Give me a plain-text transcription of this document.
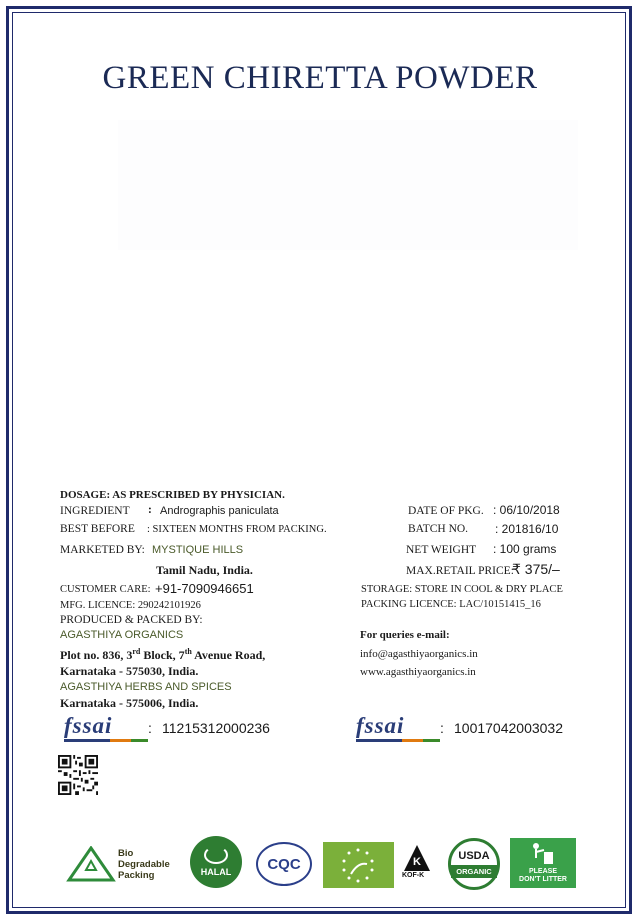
GREEN CHIRETTA POWDER
DOSAGE: AS PRESCRIBED BY PHYSICIAN.
INGREDIENT : Andrographis paniculata
BEST BEFORE : SIXTEEN MONTHS FROM PACKING.
MARKETED BY: MYSTIQUE HILLS
Tamil Nadu, India.
CUSTOMER CARE: +91-7090946651
MFG. LICENCE: 290242101926
PRODUCED & PACKED BY:
AGASTHIYA ORGANICS
Plot no. 836, 3rd Block, 7th Avenue Road,
Karnataka - 575030, India.
AGASTHIYA HERBS AND SPICES
Karnataka - 575006, India.
DATE OF PKG. : 06/10/2018
BATCH NO. : 201816/10
NET WEIGHT : 100 grams
MAX.RETAIL PRICE:
₹ 375/–
STORAGE: STORE IN COOL & DRY PLACE
PACKING LICENCE: LAC/10151415_16
For queries e-mail:
info@agasthiyaorganics.in
www.agasthiyaorganics.in
fssai	: 11215312000236	fssai	: 10017042003032
Bio
Degradable
Packing	HALAL	CQC	K
KOF-K
USDA
ORGANIC	PLEASE
DON'T LITTER
